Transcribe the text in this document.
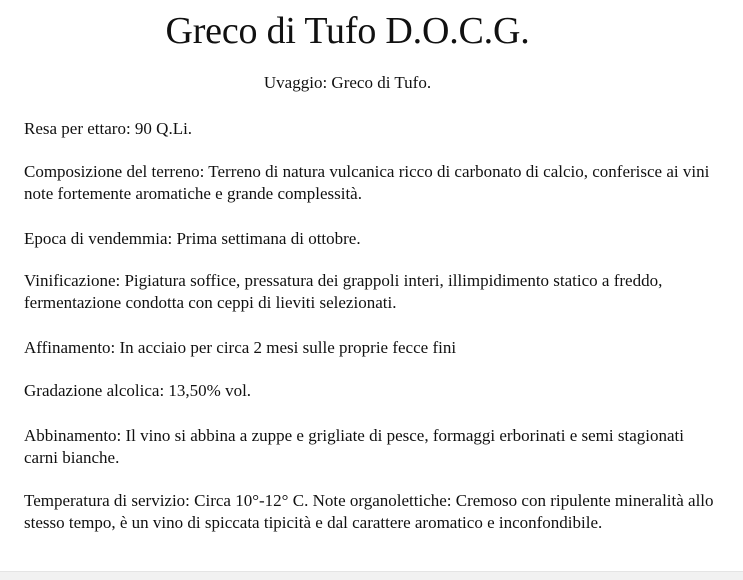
Greco di Tufo D.O.C.G.

Uvaggio: Greco di Tufo.

Resa per ettaro: 90 Q.Li.

Composizione del terreno: Terreno di natura vulcanica ricco di carbonato di calcio, conferisce ai vini note fortemente aromatiche e grande complessità.

Epoca di vendemmia: Prima settimana di ottobre.

Vinificazione: Pigiatura soffice, pressatura dei grappoli interi, illimpidimento statico a freddo, fermentazione condotta con ceppi di lieviti selezionati.

Affinamento: In acciaio per circa 2 mesi sulle proprie fecce fini

Gradazione alcolica: 13,50% vol.

Abbinamento: Il vino si abbina a zuppe e grigliate di pesce, formaggi erborinati e semi stagionati carni bianche.

Temperatura di servizio: Circa 10°-12° C. Note organolettiche: Cremoso con ripulente mineralità allo stesso tempo, è un vino di spiccata tipicità e dal carattere aromatico e inconfondibile.
